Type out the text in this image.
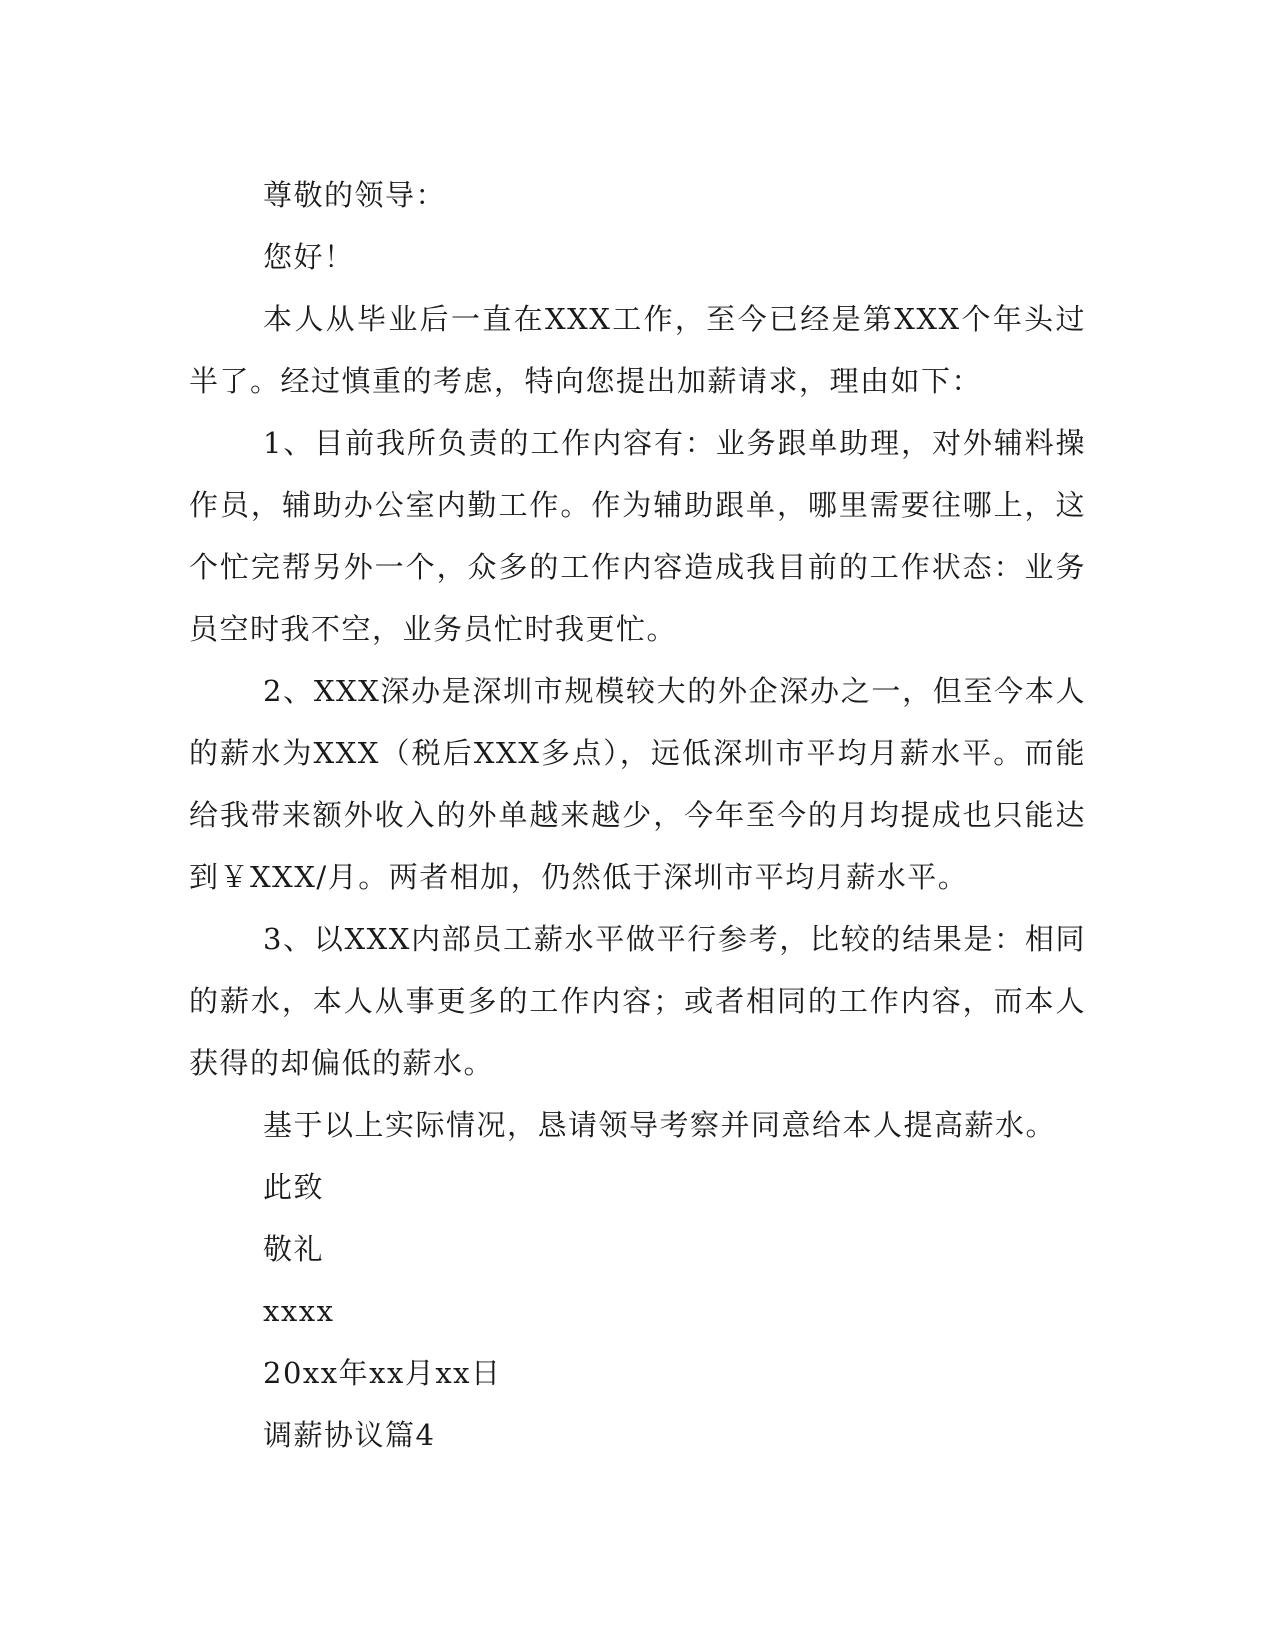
尊敬的领导：

您好！

本人从毕业后一直在XXX工作，至今已经是第XXX个年头过半了。经过慎重的考虑，特向您提出加薪请求，理由如下：

1、目前我所负责的工作内容有：业务跟单助理，对外辅料操作员，辅助办公室内勤工作。作为辅助跟单，哪里需要往哪上，这个忙完帮另外一个，众多的工作内容造成我目前的工作状态：业务员空时我不空，业务员忙时我更忙。

2、XXX深办是深圳市规模较大的外企深办之一，但至今本人的薪水为XXX（税后XXX多点），远低深圳市平均月薪水平。而能给我带来额外收入的外单越来越少，今年至今的月均提成也只能达到￥XXX/月。两者相加，仍然低于深圳市平均月薪水平。

3、以XXX内部员工薪水平做平行参考，比较的结果是：相同的薪水，本人从事更多的工作内容；或者相同的工作内容，而本人获得的却偏低的薪水。

基于以上实际情况，恳请领导考察并同意给本人提高薪水。

此致

敬礼

xxxx

20xx年xx月xx日

调薪协议篇4
